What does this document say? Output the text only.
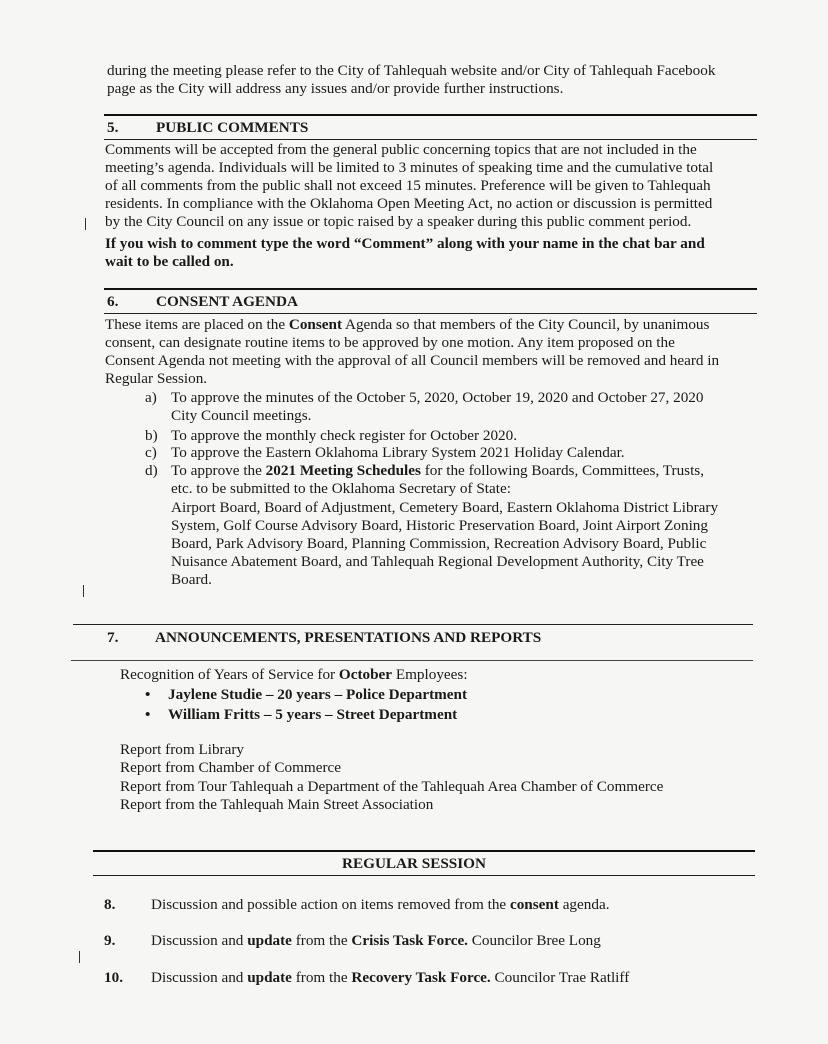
during the meeting please refer to the City of Tahlequah website and/or City of Tahlequah Facebook
page as the City will address any issues and/or provide further instructions.
5. PUBLIC COMMENTS
Comments will be accepted from the general public concerning topics that are not included in the
meeting’s agenda. Individuals will be limited to 3 minutes of speaking time and the cumulative total
of all comments from the public shall not exceed 15 minutes. Preference will be given to Tahlequah
residents. In compliance with the Oklahoma Open Meeting Act, no action or discussion is permitted
by the City Council on any issue or topic raised by a speaker during this public comment period.
If you wish to comment type the word “Comment” along with your name in the chat bar and
wait to be called on.
6. CONSENT AGENDA
These items are placed on the Consent Agenda so that members of the City Council, by unanimous
consent, can designate routine items to be approved by one motion. Any item proposed on the
Consent Agenda not meeting with the approval of all Council members will be removed and heard in
Regular Session.
a) To approve the minutes of the October 5, 2020, October 19, 2020 and October 27, 2020
City Council meetings.
b) To approve the monthly check register for October 2020.
c) To approve the Eastern Oklahoma Library System 2021 Holiday Calendar.
d) To approve the 2021 Meeting Schedules for the following Boards, Committees, Trusts,
etc. to be submitted to the Oklahoma Secretary of State:
Airport Board, Board of Adjustment, Cemetery Board, Eastern Oklahoma District Library
System, Golf Course Advisory Board, Historic Preservation Board, Joint Airport Zoning
Board, Park Advisory Board, Planning Commission, Recreation Advisory Board, Public
Nuisance Abatement Board, and Tahlequah Regional Development Authority, City Tree
Board.
7. ANNOUNCEMENTS, PRESENTATIONS AND REPORTS
Recognition of Years of Service for October Employees:
• Jaylene Studie – 20 years – Police Department
• William Fritts – 5 years – Street Department
Report from Library
Report from Chamber of Commerce
Report from Tour Tahlequah a Department of the Tahlequah Area Chamber of Commerce
Report from the Tahlequah Main Street Association
REGULAR SESSION
8. Discussion and possible action on items removed from the consent agenda.
9. Discussion and update from the Crisis Task Force. Councilor Bree Long
10. Discussion and update from the Recovery Task Force. Councilor Trae Ratliff
